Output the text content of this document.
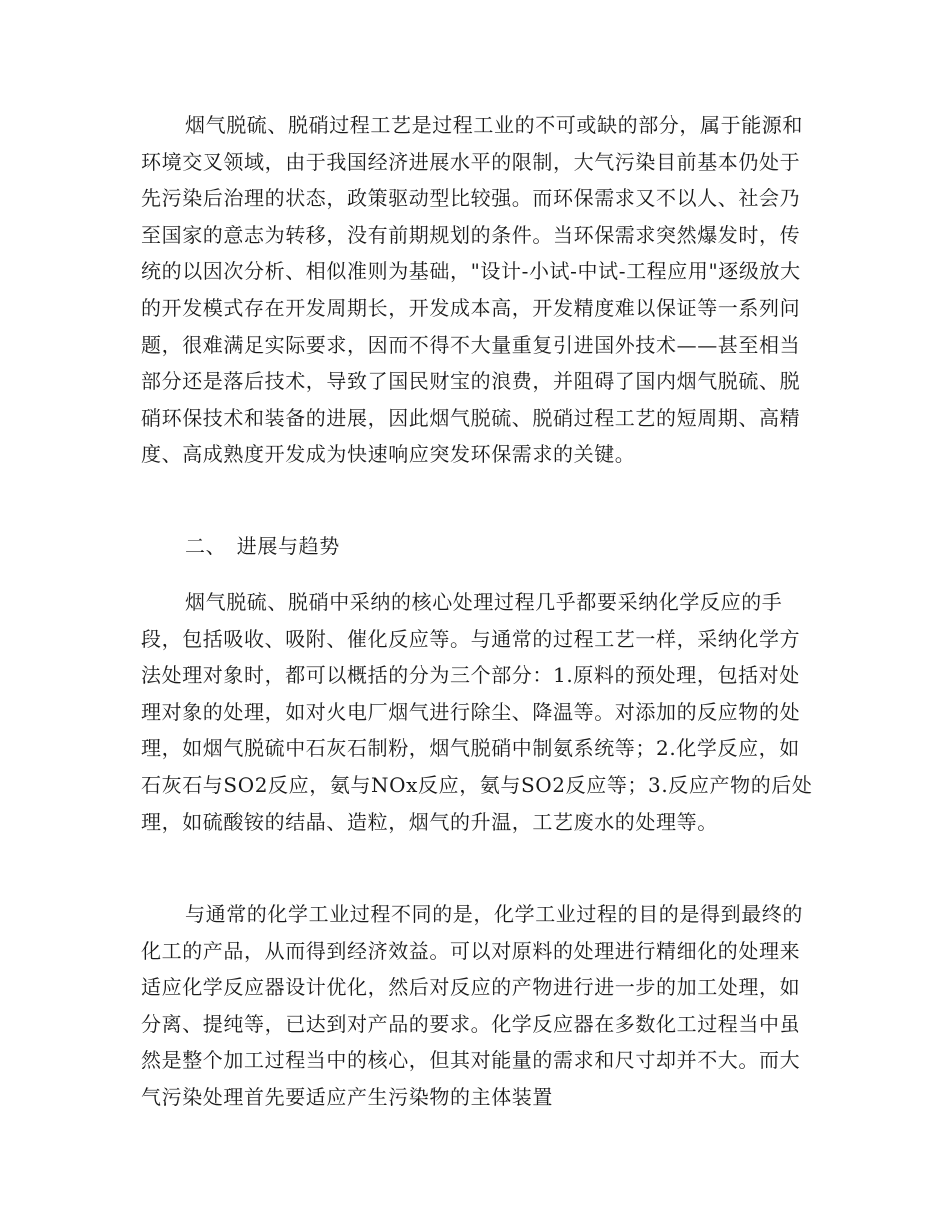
烟气脱硫、脱硝过程工艺是过程工业的不可或缺的部分，属于能源和环境交叉领域，由于我国经济进展水平的限制，大气污染目前基本仍处于先污染后治理的状态，政策驱动型比较强。而环保需求又不以人、社会乃至国家的意志为转移，没有前期规划的条件。当环保需求突然爆发时，传统的以因次分析、相似准则为基础，"设计-小试-中试-工程应用"逐级放大的开发模式存在开发周期长，开发成本高，开发精度难以保证等一系列问题，很难满足实际要求，因而不得不大量重复引进国外技术——甚至相当部分还是落后技术，导致了国民财宝的浪费，并阻碍了国内烟气脱硫、脱硝环保技术和装备的进展，因此烟气脱硫、脱硝过程工艺的短周期、高精度、高成熟度开发成为快速响应突发环保需求的关键。

二、　进展与趋势

烟气脱硫、脱硝中采纳的核心处理过程几乎都要采纳化学反应的手段，包括吸收、吸附、催化反应等。与通常的过程工艺一样，采纳化学方法处理对象时，都可以概括的分为三个部分：1.原料的预处理，包括对处理对象的处理，如对火电厂烟气进行除尘、降温等。对添加的反应物的处理，如烟气脱硫中石灰石制粉，烟气脱硝中制氨系统等；2.化学反应，如石灰石与SO2反应，氨与NOx反应，氨与SO2反应等；3.反应产物的后处理，如硫酸铵的结晶、造粒，烟气的升温，工艺废水的处理等。

与通常的化学工业过程不同的是，化学工业过程的目的是得到最终的化工的产品，从而得到经济效益。可以对原料的处理进行精细化的处理来适应化学反应器设计优化，然后对反应的产物进行进一步的加工处理，如分离、提纯等，已达到对产品的要求。化学反应器在多数化工过程当中虽然是整个加工过程当中的核心，但其对能量的需求和尺寸却并不大。而大气污染处理首先要适应产生污染物的主体装置
